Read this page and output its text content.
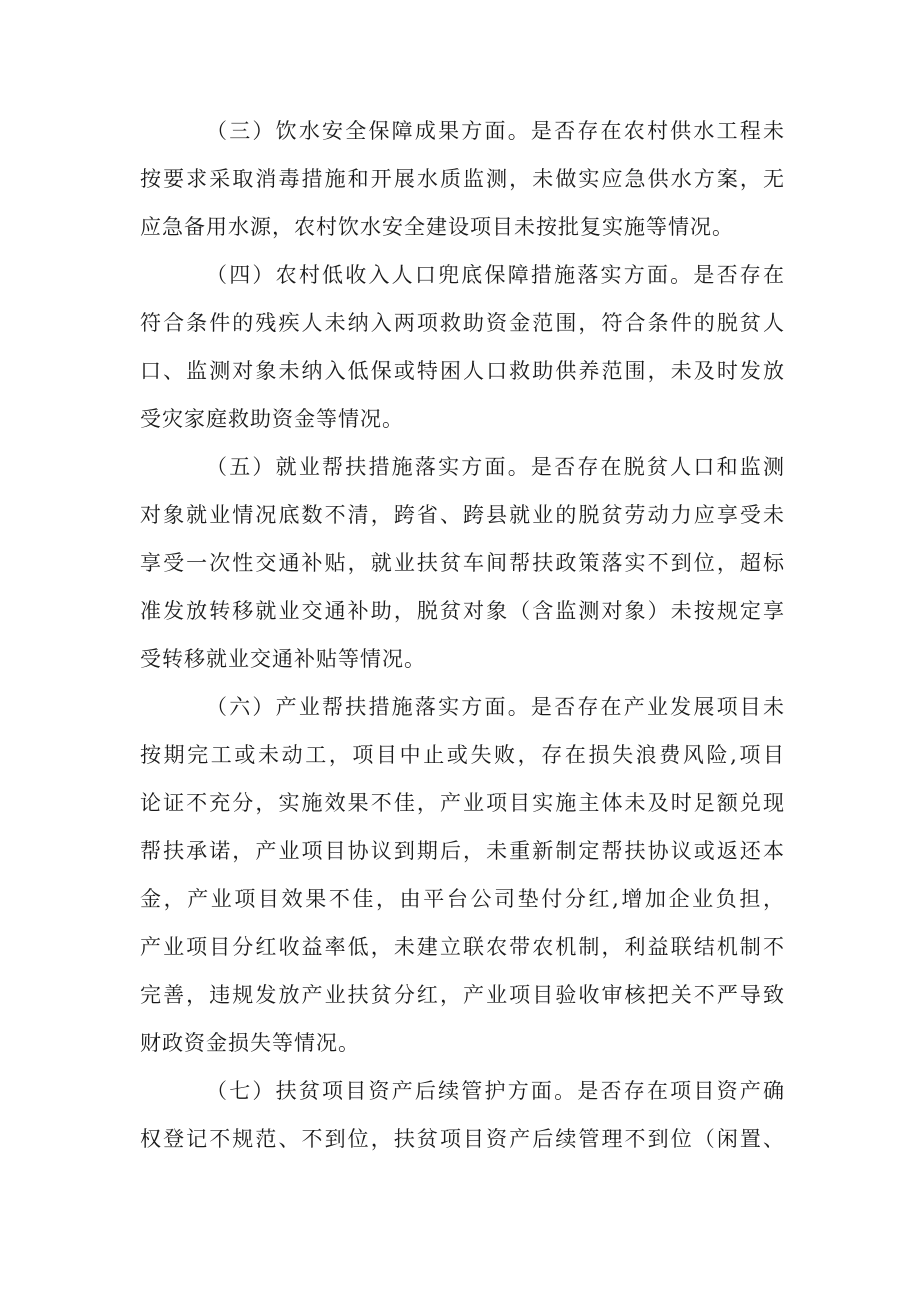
（三）饮水安全保障成果方面。是否存在农村供水工程未
按要求采取消毒措施和开展水质监测，未做实应急供水方案，无
应急备用水源，农村饮水安全建设项目未按批复实施等情况。
（四）农村低收入人口兜底保障措施落实方面。是否存在
符合条件的残疾人未纳入两项救助资金范围，符合条件的脱贫人
口、监测对象未纳入低保或特困人口救助供养范围，未及时发放
受灾家庭救助资金等情况。
（五）就业帮扶措施落实方面。是否存在脱贫人口和监测
对象就业情况底数不清，跨省、跨县就业的脱贫劳动力应享受未
享受一次性交通补贴，就业扶贫车间帮扶政策落实不到位，超标
准发放转移就业交通补助，脱贫对象（含监测对象）未按规定享
受转移就业交通补贴等情况。
（六）产业帮扶措施落实方面。是否存在产业发展项目未
按期完工或未动工，项目中止或失败，存在损失浪费风险,项目
论证不充分，实施效果不佳，产业项目实施主体未及时足额兑现
帮扶承诺，产业项目协议到期后，未重新制定帮扶协议或返还本
金，产业项目效果不佳，由平台公司垫付分红,增加企业负担，
产业项目分红收益率低，未建立联农带农机制，利益联结机制不
完善，违规发放产业扶贫分红，产业项目验收审核把关不严导致
财政资金损失等情况。
（七）扶贫项目资产后续管护方面。是否存在项目资产确
权登记不规范、不到位，扶贫项目资产后续管理不到位（闲置、
